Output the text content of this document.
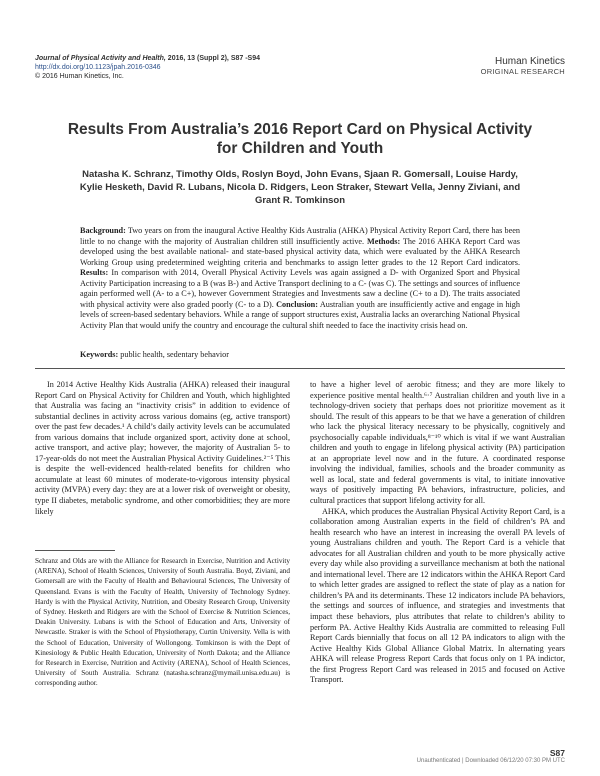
Journal of Physical Activity and Health, 2016, 13 (Suppl 2), S87 -S94
http://dx.doi.org/10.1123/jpah.2016-0346
© 2016 Human Kinetics, Inc.
Human Kinetics
ORIGINAL RESEARCH
Results From Australia’s 2016 Report Card on Physical Activity for Children and Youth
Natasha K. Schranz, Timothy Olds, Roslyn Boyd, John Evans, Sjaan R. Gomersall, Louise Hardy, Kylie Hesketh, David R. Lubans, Nicola D. Ridgers, Leon Straker, Stewart Vella, Jenny Ziviani, and Grant R. Tomkinson
Background: Two years on from the inaugural Active Healthy Kids Australia (AHKA) Physical Activity Report Card, there has been little to no change with the majority of Australian children still insufficiently active. Methods: The 2016 AHKA Report Card was developed using the best available national- and state-based physical activity data, which were evaluated by the AHKA Research Working Group using predetermined weighting criteria and benchmarks to assign letter grades to the 12 Report Card indicators. Results: In comparison with 2014, Overall Physical Activity Levels was again assigned a D- with Organized Sport and Physical Activity Participation increasing to a B (was B-) and Active Transport declining to a C- (was C). The settings and sources of influence again performed well (A- to a C+), however Government Strategies and Investments saw a decline (C+ to a D). The traits associated with physical activity were also graded poorly (C- to a D). Conclusion: Australian youth are insufficiently active and engage in high levels of screen-based sedentary behaviors. While a range of support structures exist, Australia lacks an overarching National Physical Activity Plan that would unify the country and encourage the cultural shift needed to face the inactivity crisis head on.
Keywords: public health, sedentary behavior

In 2014 Active Healthy Kids Australia (AHKA) released their inaugural Report Card on Physical Activity for Children and Youth, which highlighted that Australia was facing an “inactivity crisis” in addition to evidence of substantial declines in activity across various domains (eg, active transport) over the past few decades.¹ A child’s daily activity levels can be accumulated from various domains that include organized sport, activity done at school, active transport, and active play; however, the majority of Australian 5- to 17-year-olds do not meet the Australian Physical Activity Guidelines.²⁻⁵ This is despite the well-evidenced health-related benefits for children who accumulate at least 60 minutes of moderate-to-vigorous intensity physical activity (MVPA) every day: they are at a lower risk of overweight or obesity, type II diabetes, metabolic syndrome, and other comorbidities; they are more likely

Schranz and Olds are with the Alliance for Research in Exercise, Nutrition and Activity (ARENA), School of Health Sciences, University of South Australia. Boyd, Ziviani, and Gomersall are with the Faculty of Health and Behavioural Sciences, The University of Queensland. Evans is with the Faculty of Health, University of Technology Sydney. Hardy is with the Physical Activity, Nutrition, and Obesity Research Group, University of Sydney. Hesketh and Ridgers are with the School of Exercise & Nutrition Sciences, Deakin University. Lubans is with the School of Education and Arts, University of Newcastle. Straker is with the School of Physiotherapy, Curtin University. Vella is with the School of Education, University of Wollongong. Tomkinson is with the Dept of Kinesiology & Public Health Education, University of North Dakota; and the Alliance for Research in Exercise, Nutrition and Activity (ARENA), School of Health Sciences, University of South Australia. Schranz (natasha.schranz@mymail.unisa.edu.au) is corresponding author.

to have a higher level of aerobic fitness; and they are more likely to experience positive mental health.⁶·⁷ Australian children and youth live in a technology-driven society that perhaps does not prioritize movement as it should. The result of this appears to be that we have a generation of children who lack the physical literacy necessary to be physically, cognitively and psychosocially capable individuals,⁸⁻¹⁰ which is vital if we want Australian children and youth to engage in lifelong physical activity (PA) participation at an appropriate level now and in the future. A coordinated response involving the individual, families, schools and the broader community as well as local, state and federal governments is vital, to initiate innovative ways of positively impacting PA behaviors, infrastructure, policies, and cultural practices that support lifelong activity for all.

AHKA, which produces the Australian Physical Activity Report Card, is a collaboration among Australian experts in the field of children’s PA and health research who have an interest in increasing the overall PA levels of young Australians children and youth. The Report Card is a vehicle that advocates for all Australian children and youth to be more physically active every day while also providing a surveillance mechanism at both the national and international level. There are 12 indicators within the AHKA Report Card to which letter grades are assigned to reflect the state of play as a nation for children’s PA and its determinants. These 12 indicators include PA behaviors, the settings and sources of influence, and strategies and investments that impact these behaviors, plus attributes that relate to children’s ability to perform PA. Active Healthy Kids Australia are committed to releasing Full Report Cards biennially that focus on all 12 PA indicators to align with the Active Healthy Kids Global Alliance Global Matrix. In alternating years AHKA will release Progress Report Cards that focus only on 1 PA indictor, the first Progress Report Card was released in 2015 and focused on Active Transport.

S87
Unauthenticated | Downloaded 06/12/20 07:30 PM UTC
